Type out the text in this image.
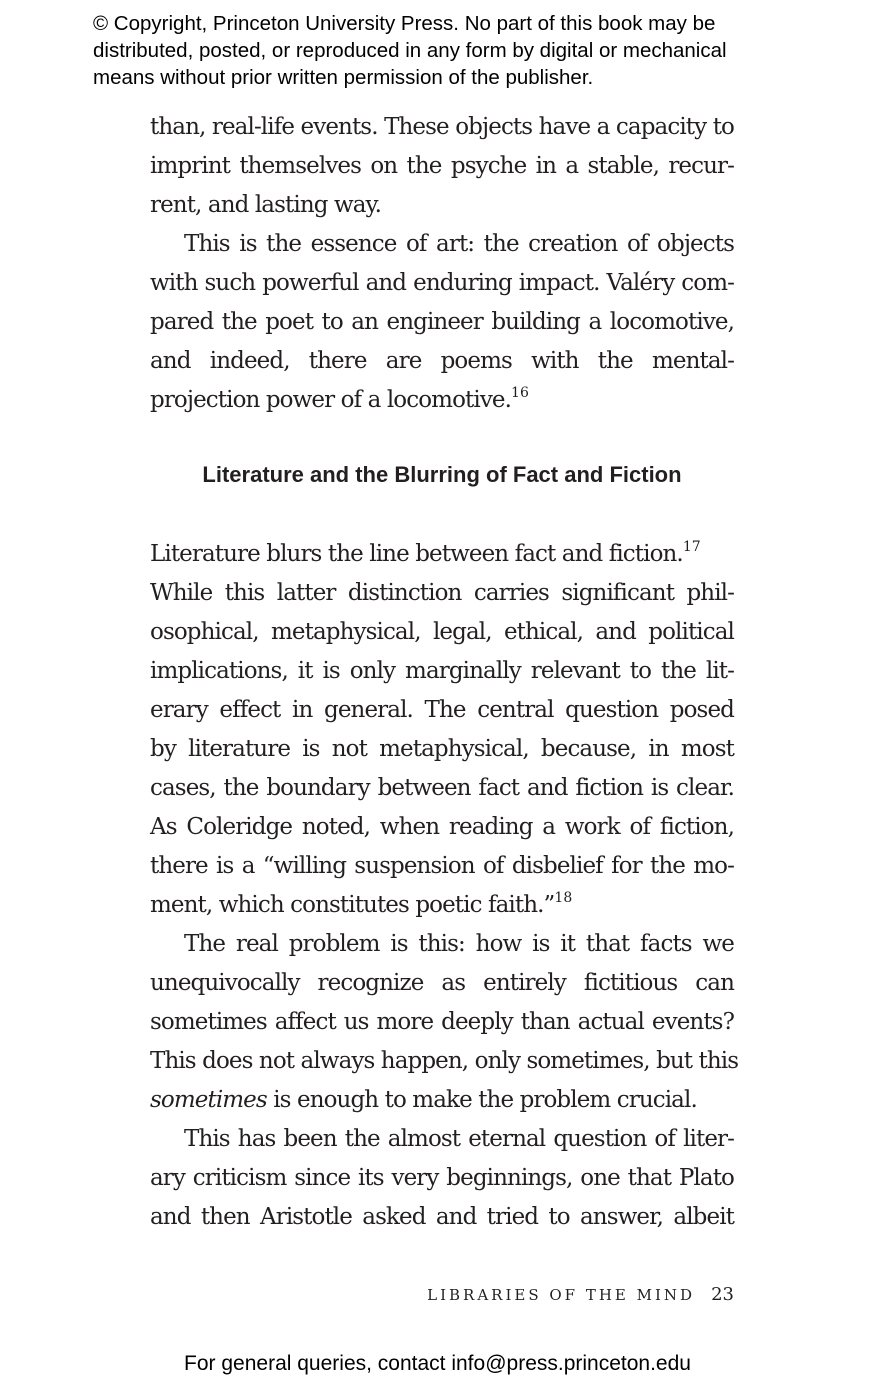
© Copyright, Princeton University Press. No part of this book may be

distributed, posted, or reproduced in any form by digital or mechanical

means without prior written permission of the publisher.

than, real-life events. These objects have a capacity to
imprint themselves on the psyche in a stable, recur-
rent, and lasting way.
This is the essence of art: the creation of objects
with such powerful and enduring impact. Valéry com-
pared the poet to an engineer building a locomotive,
and indeed, there are poems with the mental-
projection power of a locomotive.$^{16}$
Literature and the Blurring of Fact and Fiction
Literature blurs the line between fact and fiction.$^{17}$
While this latter distinction carries significant phil-
osophical, metaphysical, legal, ethical, and political
implications, it is only marginally relevant to the lit-
erary effect in general. The central question posed
by literature is not metaphysical, because, in most
cases, the boundary between fact and fiction is clear.
As Coleridge noted, when reading a work of fiction,
there is a “willing suspension of disbelief for the mo-
ment, which constitutes poetic faith.”$^{18}$
The real problem is this: how is it that facts we
unequivocally recognize as entirely fictitious can
sometimes affect us more deeply than actual events?
This does not always happen, only sometimes, but this
sometimes is enough to make the problem crucial.
This has been the almost eternal question of liter-
ary criticism since its very beginnings, one that Plato
and then Aristotle asked and tried to answer, albeit
LIBRARIES OF THE MIND 23
For general queries, contact info@press.princeton.edu
